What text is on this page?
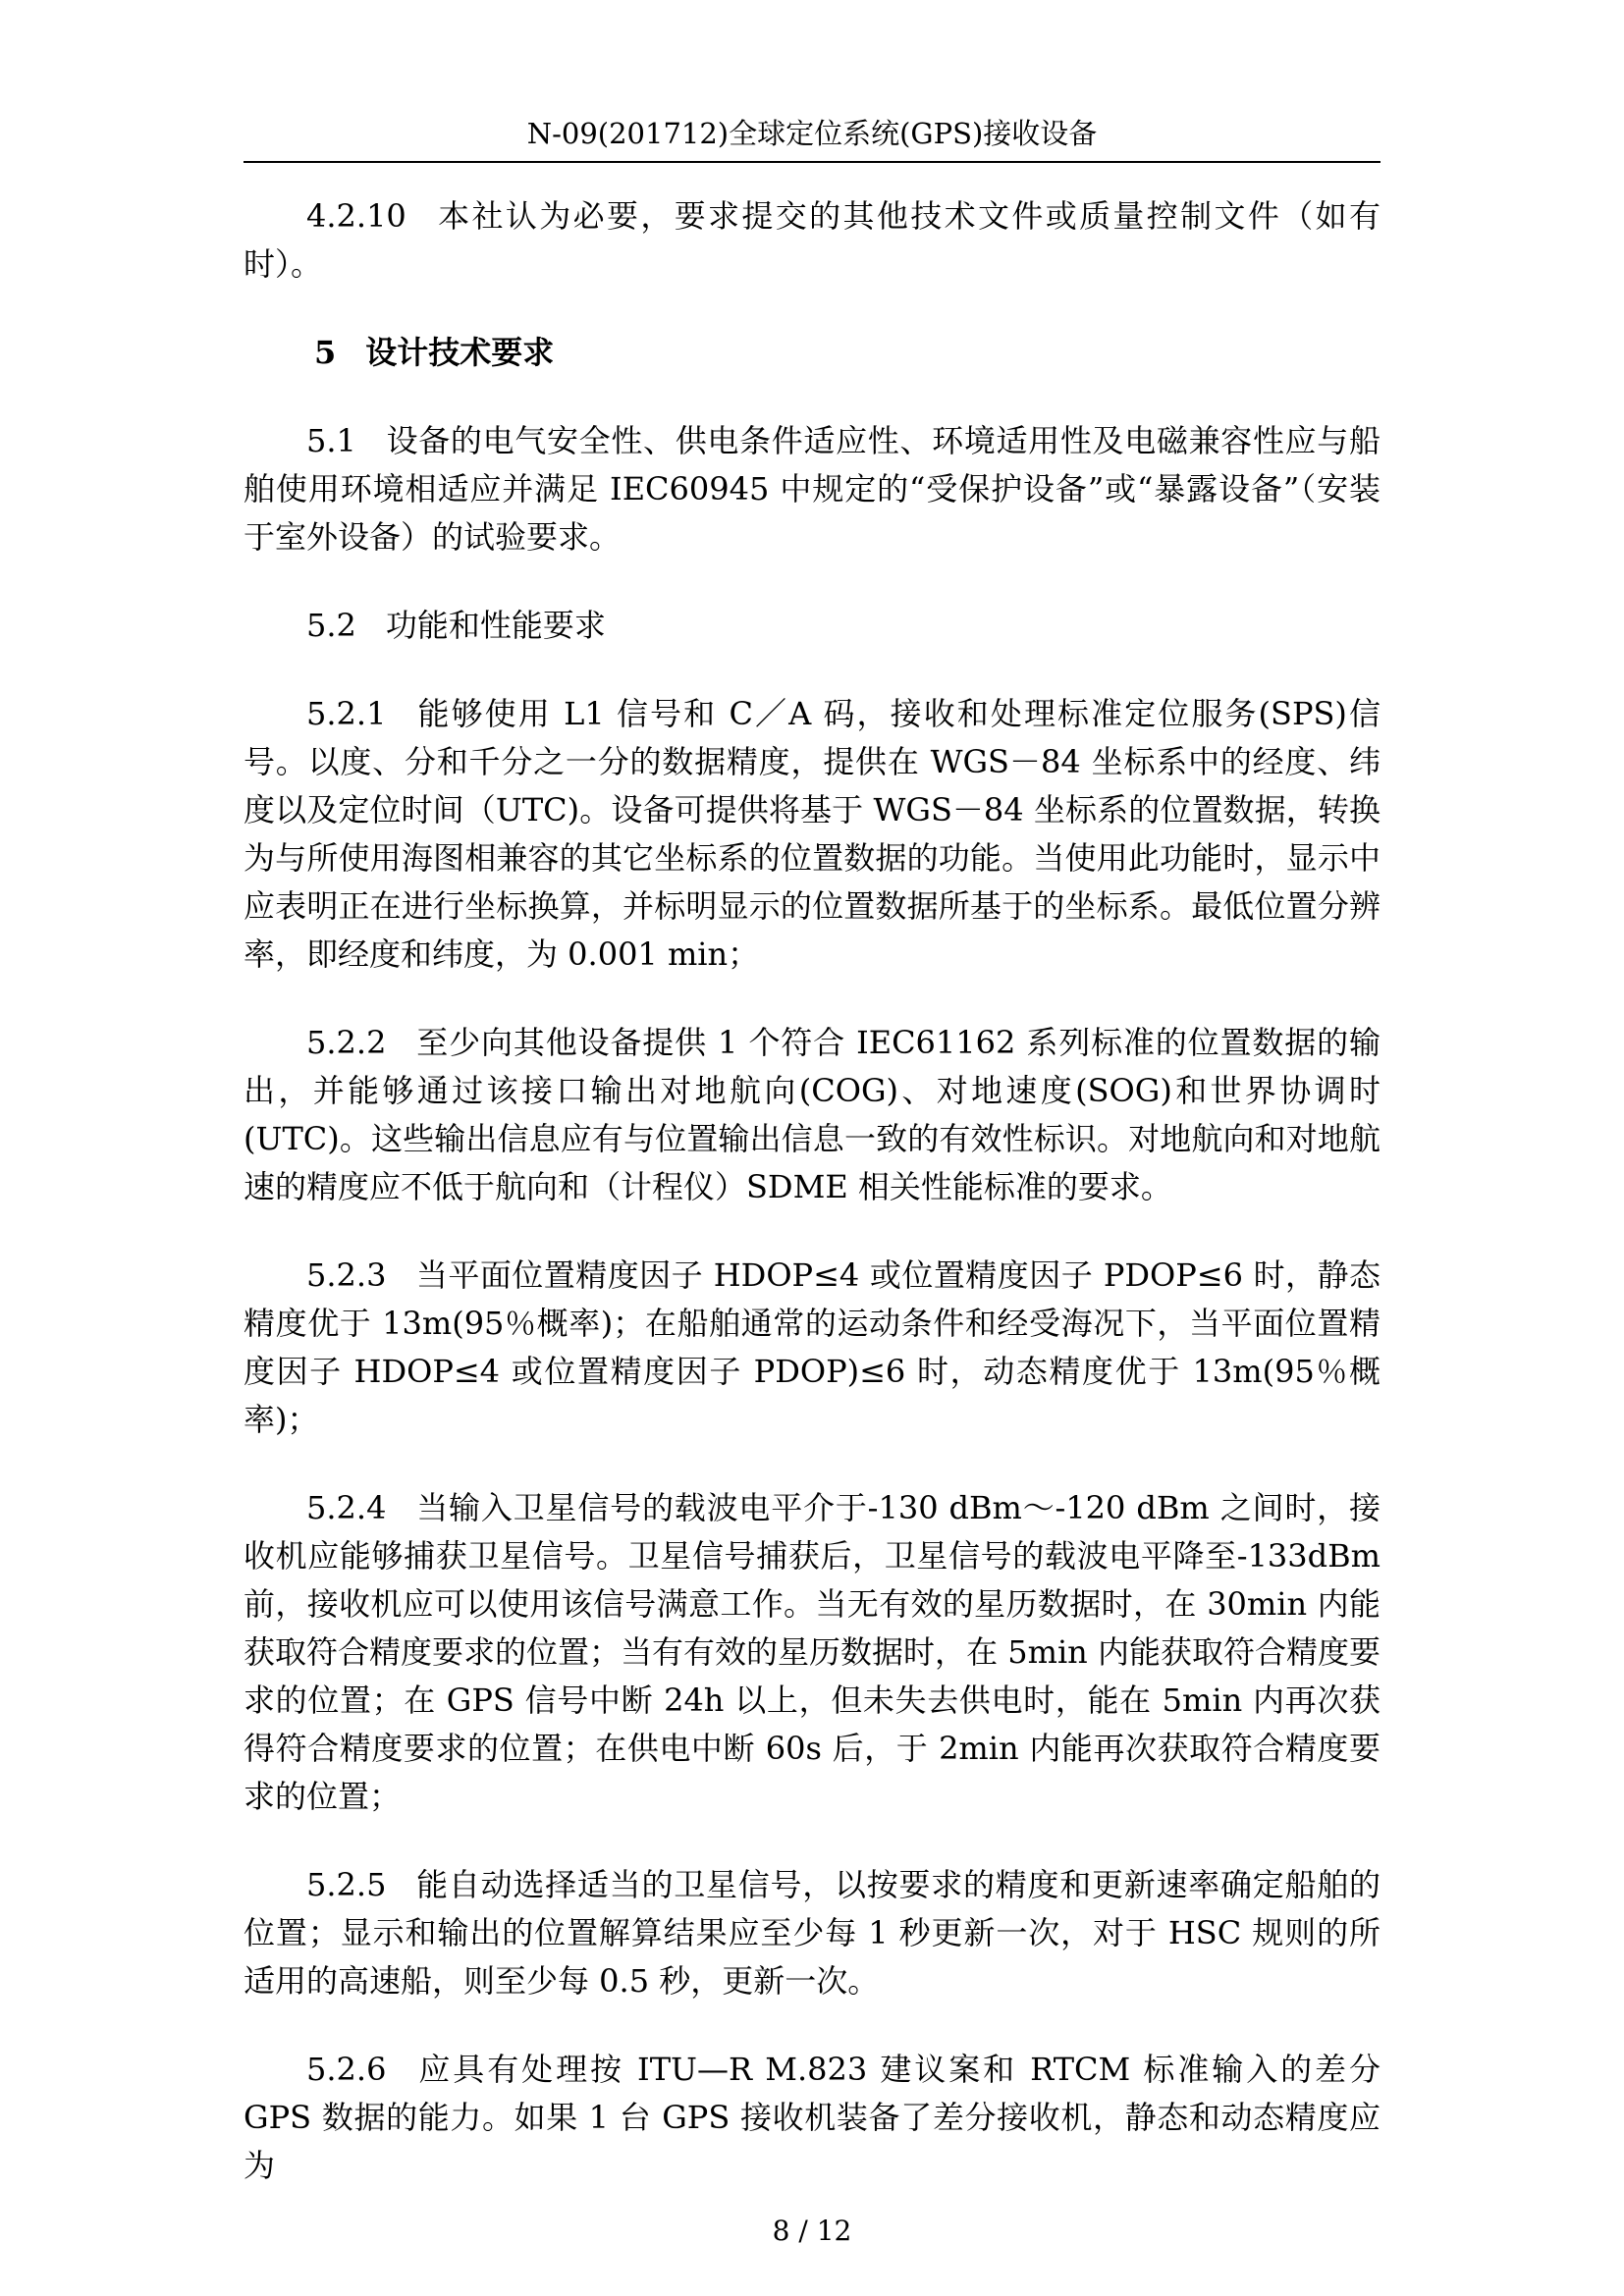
N-09(201712)全球定位系统(GPS)接收设备

4.2.10 本社认为必要，要求提交的其他技术文件或质量控制文件（如有时）。

5 设计技术要求

5.1 设备的电气安全性、供电条件适应性、环境适用性及电磁兼容性应与船舶使用环境相适应并满足 IEC60945 中规定的“受保护设备”或“暴露设备”（安装于室外设备）的试验要求。

5.2 功能和性能要求

5.2.1 能够使用 L1 信号和 C／A 码，接收和处理标准定位服务(SPS)信号。以度、分和千分之一分的数据精度，提供在 WGS－84 坐标系中的经度、纬度以及定位时间（UTC)。设备可提供将基于 WGS－84 坐标系的位置数据，转换为与所使用海图相兼容的其它坐标系的位置数据的功能。当使用此功能时，显示中应表明正在进行坐标换算，并标明显示的位置数据所基于的坐标系。最低位置分辨率，即经度和纬度，为 0.001 min；

5.2.2 至少向其他设备提供 1 个符合 IEC61162 系列标准的位置数据的输出，并能够通过该接口输出对地航向(COG)、对地速度(SOG)和世界协调时(UTC)。这些输出信息应有与位置输出信息一致的有效性标识。对地航向和对地航速的精度应不低于航向和（计程仪）SDME 相关性能标准的要求。

5.2.3 当平面位置精度因子 HDOP≤4 或位置精度因子 PDOP≤6 时，静态精度优于 13m(95％概率)；在船舶通常的运动条件和经受海况下，当平面位置精度因子 HDOP≤4 或位置精度因子 PDOP)≤6 时，动态精度优于 13m(95％概率)；

5.2.4 当输入卫星信号的载波电平介于-130 dBm～-120 dBm 之间时，接收机应能够捕获卫星信号。卫星信号捕获后，卫星信号的载波电平降至-133dBm 前，接收机应可以使用该信号满意工作。当无有效的星历数据时，在 30min 内能获取符合精度要求的位置；当有有效的星历数据时，在 5min 内能获取符合精度要求的位置；在 GPS 信号中断 24h 以上，但未失去供电时，能在 5min 内再次获得符合精度要求的位置；在供电中断 60s 后，于 2min 内能再次获取符合精度要求的位置；

5.2.5 能自动选择适当的卫星信号，以按要求的精度和更新速率确定船舶的位置；显示和输出的位置解算结果应至少每 1 秒更新一次，对于 HSC 规则的所适用的高速船，则至少每 0.5 秒，更新一次。

5.2.6 应具有处理按 ITU—R M.823 建议案和 RTCM 标准输入的差分 GPS 数据的能力。如果 1 台 GPS 接收机装备了差分接收机，静态和动态精度应为

8 / 12
